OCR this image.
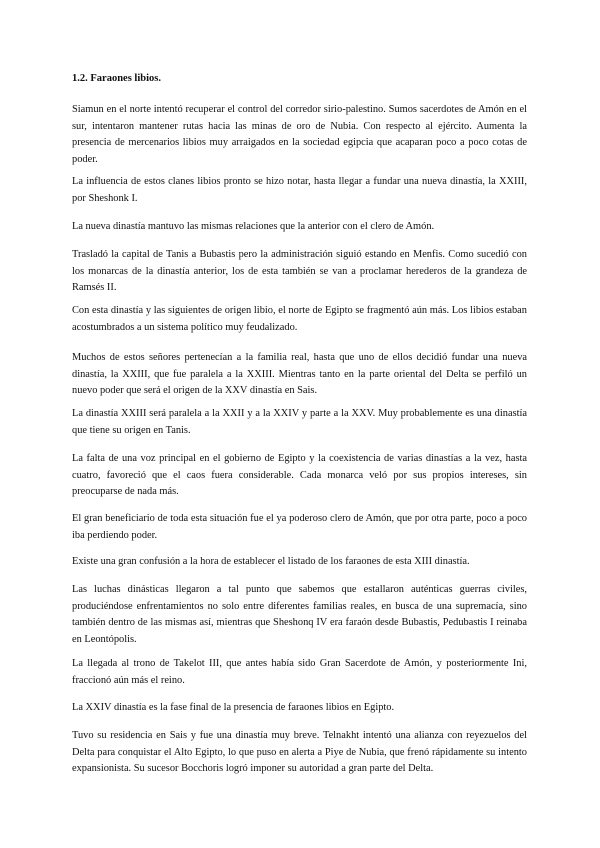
1.2. Faraones libios.

Siamun en el norte intentó recuperar el control del corredor sirio-palestino. Sumos sacerdotes de Amón en el sur, intentaron mantener rutas hacia las minas de oro de Nubia. Con respecto al ejército. Aumenta la presencia de mercenarios libios muy arraigados en la sociedad egipcia que acaparan poco a poco cotas de poder.

La influencia de estos clanes libios pronto se hizo notar, hasta llegar a fundar una nueva dinastía, la XXIII, por Sheshonk I.

La nueva dinastía mantuvo las mismas relaciones que la anterior con el clero de Amón.

Trasladó la capital de Tanis a Bubastis pero la administración siguió estando en Menfis. Como sucedió con los monarcas de la dinastía anterior, los de esta también se van a proclamar herederos de la grandeza de Ramsés II.

Con esta dinastía y las siguientes de origen libio, el norte de Egipto se fragmentó aún más. Los libios estaban acostumbrados a un sistema político muy feudalizado.

Muchos de estos señores pertenecían a la familia real, hasta que uno de ellos decidió fundar una nueva dinastía, la XXIII, que fue paralela a la XXIII. Mientras tanto en la parte oriental del Delta se perfiló un nuevo poder que será el origen de la XXV dinastía en Sais.

La dinastía XXIII será paralela a la XXII y a la XXIV y parte a la XXV. Muy probablemente es una dinastía que tiene su origen en Tanis.

La falta de una voz principal en el gobierno de Egipto y la coexistencia de varias dinastías a la vez, hasta cuatro, favoreció que el caos fuera considerable. Cada monarca veló por sus propios intereses, sin preocuparse de nada más.

El gran beneficiario de toda esta situación fue el ya poderoso clero de Amón, que por otra parte, poco a poco iba perdiendo poder.

Existe una gran confusión a la hora de establecer el listado de los faraones de esta XIII dinastía.

Las luchas dinásticas llegaron a tal punto que sabemos que estallaron auténticas guerras civiles, produciéndose enfrentamientos no solo entre diferentes familias reales, en busca de una supremacía, sino también dentro de las mismas así, mientras que Sheshonq IV era faraón desde Bubastis, Pedubastis I reinaba en Leontópolis.

La llegada al trono de Takelot III, que antes había sido Gran Sacerdote de Amón, y posteriormente Ini, fraccionó aún más el reino.

La XXIV dinastía es la fase final de la presencia de faraones libios en Egipto.

Tuvo su residencia en Sais y fue una dinastía muy breve. Telnakht intentó una alianza con reyezuelos del Delta para conquistar el Alto Egipto, lo que puso en alerta a Piye de Nubia, que frenó rápidamente su intento expansionista. Su sucesor Bocchoris logró imponer su autoridad a gran parte del Delta.
